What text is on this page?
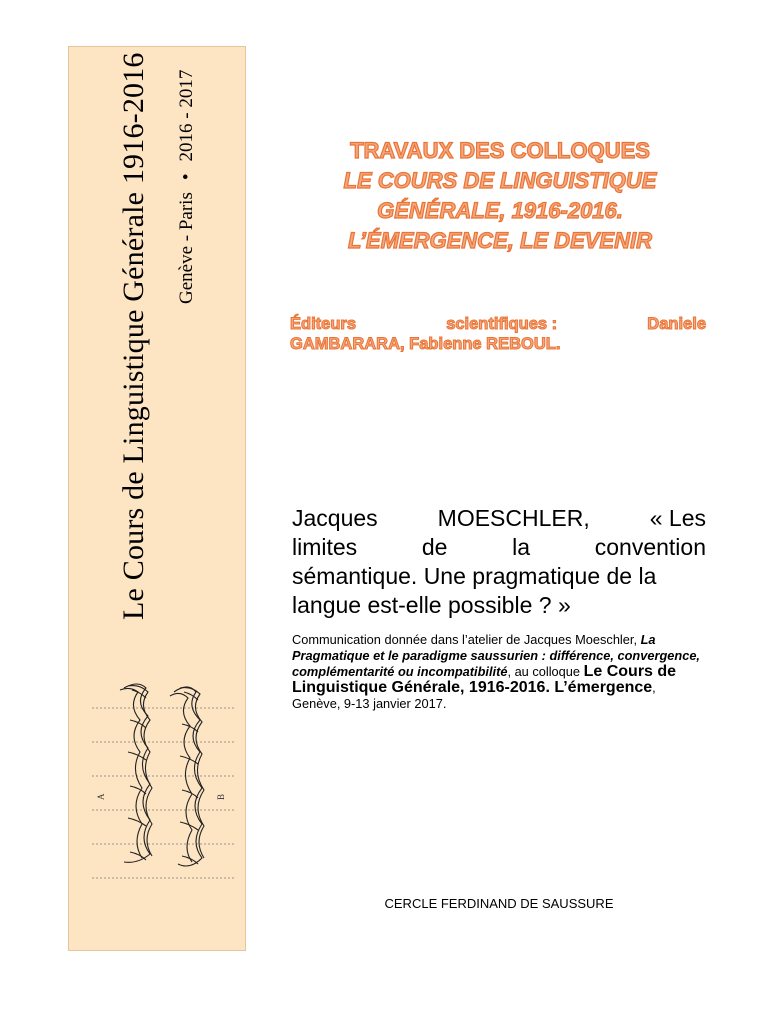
Le Cours de Linguistique Générale 1916-2016 Genève - Paris•2016 - 2017
A	B
TRAVAUX DES COLLOQUES
LE COURS DE LINGUISTIQUE
GÉNÉRALE, 1916-2016.
L’ÉMERGENCE, LE DEVENIR
Éditeurs	scientifiques :	Daniele
GAMBARARA, Fabienne REBOUL.
Jacques	MOESCHLER,	« Les
limites	de	la	convention
sémantique. Une pragmatique de la
langue est-elle possible ? »
Communication donnée dans l’atelier de Jacques Moeschler, La Pragmatique et le paradigme saussurien : différence, convergence, complémentarité ou incompatibilité, au colloque Le Cours de Linguistique Générale, 1916-2016. L’émergence, Genève, 9-13 janvier 2017.
CERCLE FERDINAND DE SAUSSURE
